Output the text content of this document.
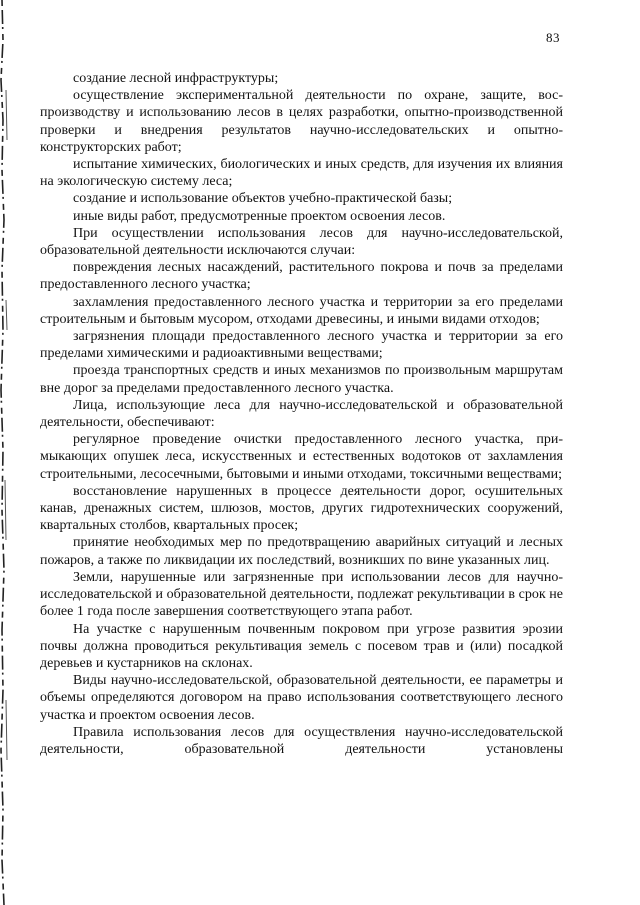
83

создание лесной инфраструктуры;

осуществление экспериментальной деятельности по охране, защите, воспроизводству и использованию лесов в целях разработки, опытно-производственной проверки и внедрения результатов научно-исследовательских и опытно-конструкторских работ;

испытание химических, биологических и иных средств, для изучения их влияния на экологическую систему леса;

создание и использование объектов учебно-практической базы;

иные виды работ, предусмотренные проектом освоения лесов.

При осуществлении использования лесов для научно-исследовательской, образовательной деятельности исключаются случаи:

повреждения лесных насаждений, растительного покрова и почв за пределами предоставленного лесного участка;

захламления предоставленного лесного участка и территории за его пределами строительным и бытовым мусором, отходами древесины, и иными видами отходов;

загрязнения площади предоставленного лесного участка и территории за его пределами химическими и радиоактивными веществами;

проезда транспортных средств и иных механизмов по произвольным маршрутам вне дорог за пределами предоставленного лесного участка.

Лица, использующие леса для научно-исследовательской и образовательной деятельности, обеспечивают:

регулярное проведение очистки предоставленного лесного участка, примыкающих опушек леса, искусственных и естественных водотоков от захламления строительными, лесосечными, бытовыми и иными отходами, токсичными веществами;

восстановление нарушенных в процессе деятельности дорог, осушительных канав, дренажных систем, шлюзов, мостов, других гидротехнических сооружений, квартальных столбов, квартальных просек;

принятие необходимых мер по предотвращению аварийных ситуаций и лесных пожаров, а также по ликвидации их последствий, возникших по вине указанных лиц.

Земли, нарушенные или загрязненные при использовании лесов для научно-исследовательской и образовательной деятельности, подлежат рекультивации в срок не более 1 года после завершения соответствующего этапа работ.

На участке с нарушенным почвенным покровом при угрозе развития эрозии почвы должна проводиться рекультивация земель с посевом трав и (или) посадкой деревьев и кустарников на склонах.

Виды научно-исследовательской, образовательной деятельности, ее параметры и объемы определяются договором на право использования соответствующего лесного участка и проектом освоения лесов.

Правила использования лесов для осуществления научно-исследовательской деятельности, образовательной деятельности установлены
